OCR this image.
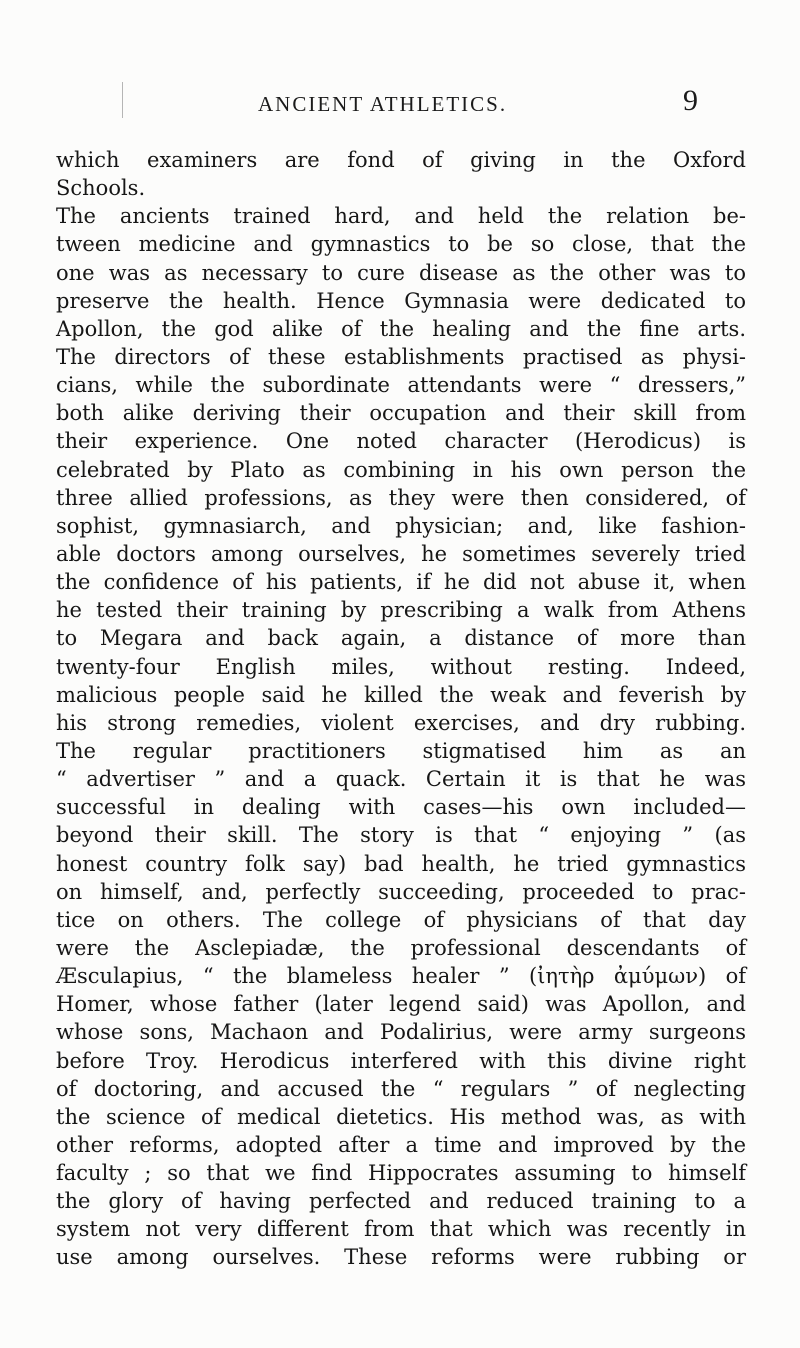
ANCIENT ATHLETICS.	9
which examiners are fond of giving in the Oxford
Schools.
The ancients trained hard, and held the relation be-
tween medicine and gymnastics to be so close, that the
one was as necessary to cure disease as the other was to
preserve the health. Hence Gymnasia were dedicated to
Apollon, the god alike of the healing and the fine arts.
The directors of these establishments practised as physi-
cians, while the subordinate attendants were “ dressers,”
both alike deriving their occupation and their skill from
their experience. One noted character (Herodicus) is
celebrated by Plato as combining in his own person the
three allied professions, as they were then considered, of
sophist, gymnasiarch, and physician; and, like fashion-
able doctors among ourselves, he sometimes severely tried
the confidence of his patients, if he did not abuse it, when
he tested their training by prescribing a walk from Athens
to Megara and back again, a distance of more than
twenty-four English miles, without resting. Indeed,
malicious people said he killed the weak and feverish by
his strong remedies, violent exercises, and dry rubbing.
The regular practitioners stigmatised him as an
“ advertiser ” and a quack. Certain it is that he was
successful in dealing with cases—his own included—
beyond their skill. The story is that “ enjoying ” (as
honest country folk say) bad health, he tried gymnastics
on himself, and, perfectly succeeding, proceeded to prac-
tice on others. The college of physicians of that day
were the Asclepiadæ, the professional descendants of
Æsculapius, “ the blameless healer ” (ἰητὴρ ἀμύμων) of
Homer, whose father (later legend said) was Apollon, and
whose sons, Machaon and Podalirius, were army surgeons
before Troy. Herodicus interfered with this divine right
of doctoring, and accused the “ regulars ” of neglecting
the science of medical dietetics. His method was, as with
other reforms, adopted after a time and improved by the
faculty ; so that we find Hippocrates assuming to himself
the glory of having perfected and reduced training to a
system not very different from that which was recently in
use among ourselves. These reforms were rubbing or
